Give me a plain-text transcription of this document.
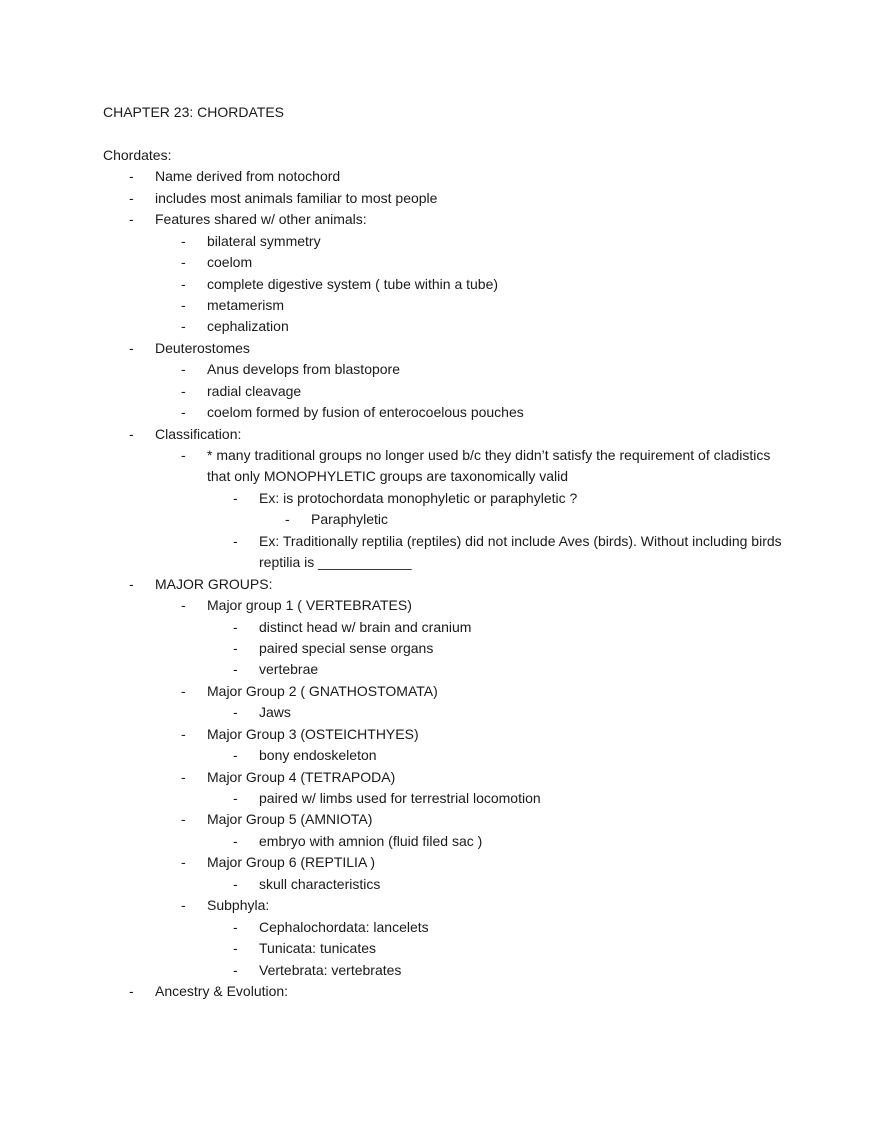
CHAPTER 23: CHORDATES
Chordates:
- Name derived from notochord
- includes most animals familiar to most people
- Features shared w/ other animals:
- bilateral symmetry
- coelom
- complete digestive system ( tube within a tube)
- metamerism
- cephalization
- Deuterostomes
- Anus develops from blastopore
- radial cleavage
- coelom formed by fusion of enterocoelous pouches
- Classification:
- * many traditional groups no longer used b/c they didn’t satisfy the requirement of cladistics that only MONOPHYLETIC groups are taxonomically valid
- Ex: is protochordata monophyletic or paraphyletic ?
- Paraphyletic
- Ex: Traditionally reptilia (reptiles) did not include Aves (birds). Without including birds reptilia is ____________
- MAJOR GROUPS:
- Major group 1 ( VERTEBRATES)
- distinct head w/ brain and cranium
- paired special sense organs
- vertebrae
- Major Group 2 ( GNATHOSTOMATA)
- Jaws
- Major Group 3 (OSTEICHTHYES)
- bony endoskeleton
- Major Group 4 (TETRAPODA)
- paired w/ limbs used for terrestrial locomotion
- Major Group 5 (AMNIOTA)
- embryo with amnion (fluid filed sac )
- Major Group 6 (REPTILIA )
- skull characteristics
- Subphyla:
- Cephalochordata: lancelets
- Tunicata: tunicates
- Vertebrata: vertebrates
- Ancestry & Evolution:
